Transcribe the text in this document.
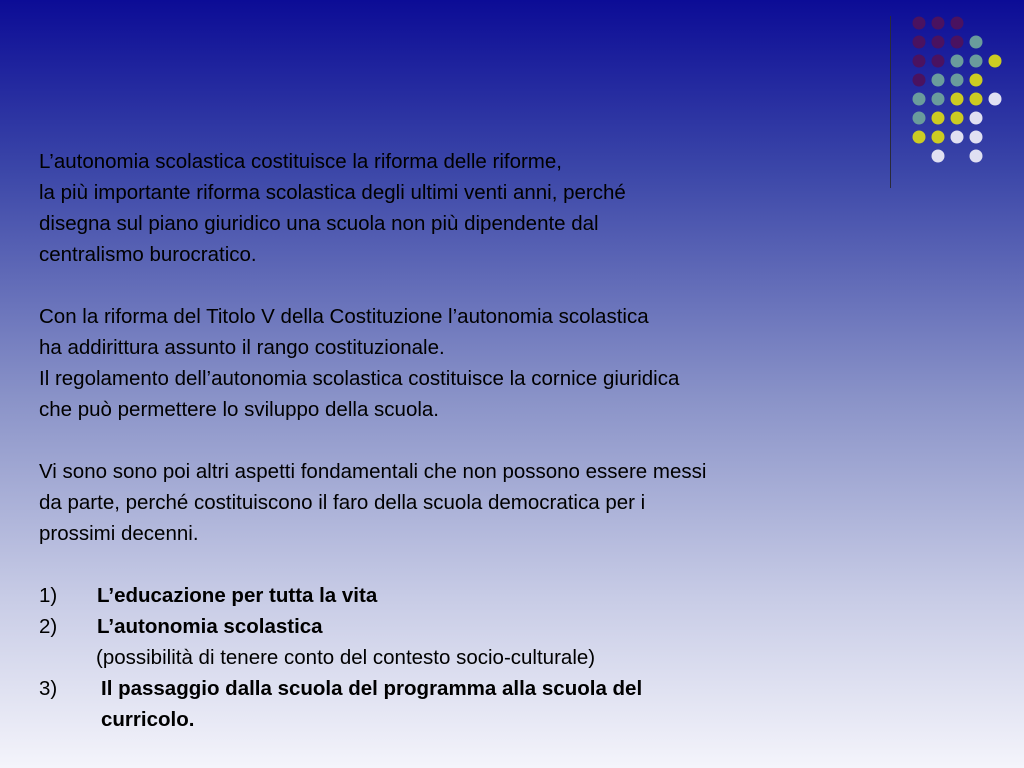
L’autonomia scolastica costituisce la riforma delle riforme,
la più importante riforma scolastica degli ultimi venti anni, perché
disegna sul piano giuridico una scuola non più dipendente dal
centralismo burocratico.
Con la riforma del Titolo V della Costituzione l’autonomia scolastica
ha addirittura assunto il rango costituzionale.
Il regolamento dell’autonomia scolastica costituisce la cornice giuridica
che può permettere lo sviluppo della scuola.
Vi sono sono poi altri aspetti fondamentali che non possono essere messi
da parte, perché costituiscono il faro della scuola democratica per i
prossimi decenni.
1)	L’educazione per tutta la vita
2)	L’autonomia scolastica
(possibilità di tenere conto del contesto socio-culturale)
3)	Il passaggio dalla scuola del programma alla scuola del
curricolo.
